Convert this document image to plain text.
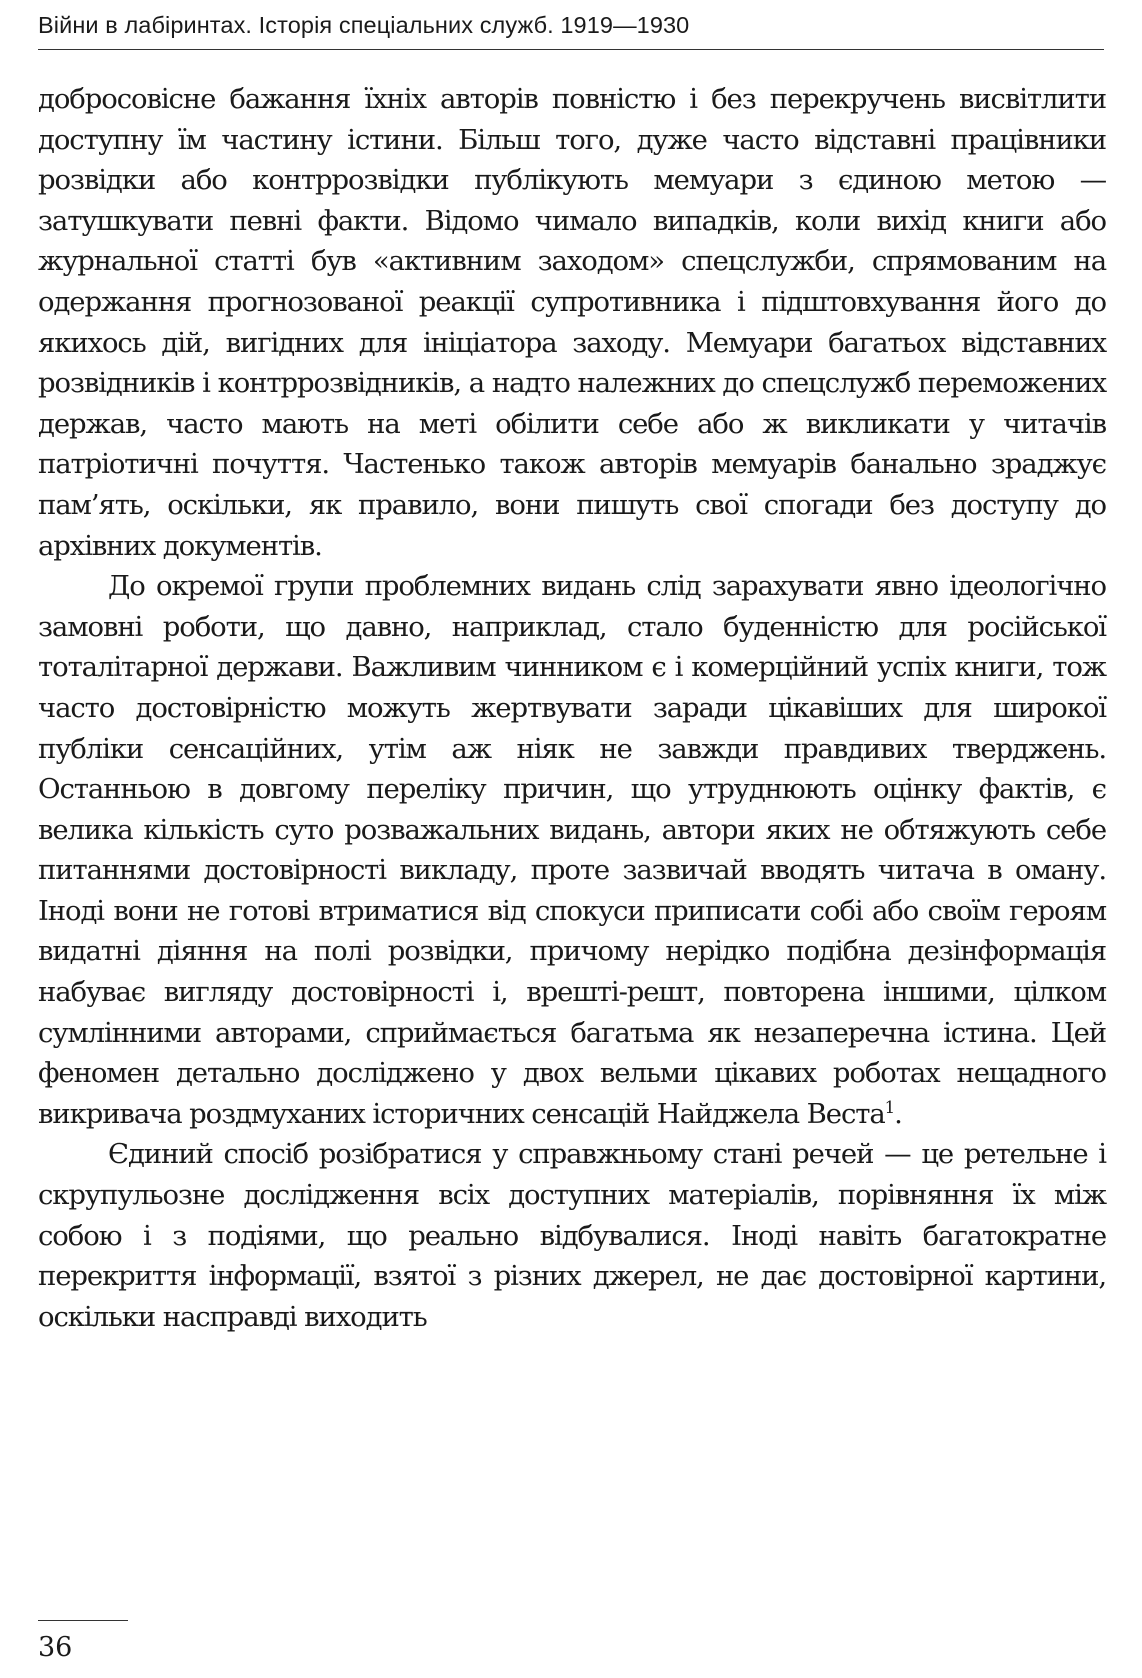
Війни в лабіринтах. Історія спеціальних служб. 1919—1930

добросовісне бажання їхніх авторів повністю і без перекручень висвітлити доступну їм частину істини. Більш того, дуже часто відставні працівники розвідки або контррозвідки публікують мемуари з єдиною метою — затушкувати певні факти. Відомо чимало випадків, коли вихід книги або журнальної статті був «активним заходом» спецслужби, спрямованим на одержання прогнозованої реакції супротивника і підштовхування його до якихось дій, вигідних для ініціатора заходу. Мемуари багатьох відставних розвідників і контррозвідників, а надто належних до спецслужб переможених держав, часто мають на меті обілити себе або ж викликати у читачів патріотичні почуття. Частенько також авторів мемуарів банально зраджує пам’ять, оскільки, як правило, вони пишуть свої спогади без доступу до архівних документів.

До окремої групи проблемних видань слід зарахувати явно ідеологічно замовні роботи, що давно, наприклад, стало буденністю для російської тоталітарної держави. Важливим чинником є і комерційний успіх книги, тож часто достовірністю можуть жертвувати заради цікавіших для широкої публіки сенсаційних, утім аж ніяк не завжди правдивих тверджень. Останньою в довгому переліку причин, що утруднюють оцінку фактів, є велика кількість суто розважальних видань, автори яких не обтяжують себе питаннями достовірності викладу, проте зазвичай вводять читача в оману. Іноді вони не готові втриматися від спокуси приписати собі або своїм героям видатні діяння на полі розвідки, причому нерідко подібна дезінформація набуває вигляду достовірності і, врешті-решт, повторена іншими, цілком сумлінними авторами, сприймається багатьма як незаперечна істина. Цей феномен детально досліджено у двох вельми цікавих роботах нещадного викривача роздмуханих історичних сенсацій Найджела Веста$^1$.

Єдиний спосіб розібратися у справжньому стані речей — це ретельне і скрупульозне дослідження всіх доступних матеріалів, порівняння їх між собою і з подіями, що реально відбувалися. Іноді навіть багатократне перекриття інформації, взятої з різних джерел, не дає достовірної картини, оскільки насправді виходить

36
